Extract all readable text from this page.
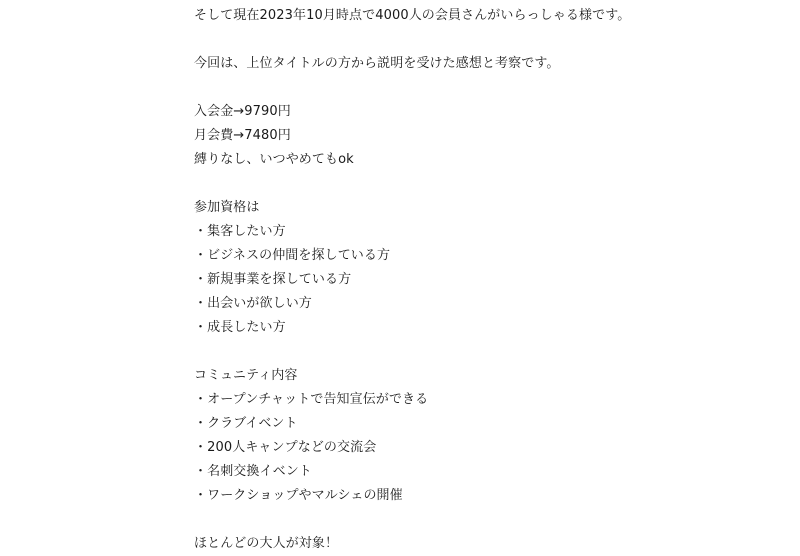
そして現在2023年10月時点で4000人の会員さんがいらっしゃる様です。
今回は、上位タイトルの方から説明を受けた感想と考察です。
入会金→9790円
月会費→7480円
縛りなし、いつやめてもok
参加資格は
・集客したい方
・ビジネスの仲間を探している方
・新規事業を探している方
・出会いが欲しい方
・成長したい方
コミュニティ内容
・オープンチャットで告知宣伝ができる
・クラブイベント
・200人キャンプなどの交流会
・名刺交換イベント
・ワークショップやマルシェの開催
ほとんどの大人が対象！
